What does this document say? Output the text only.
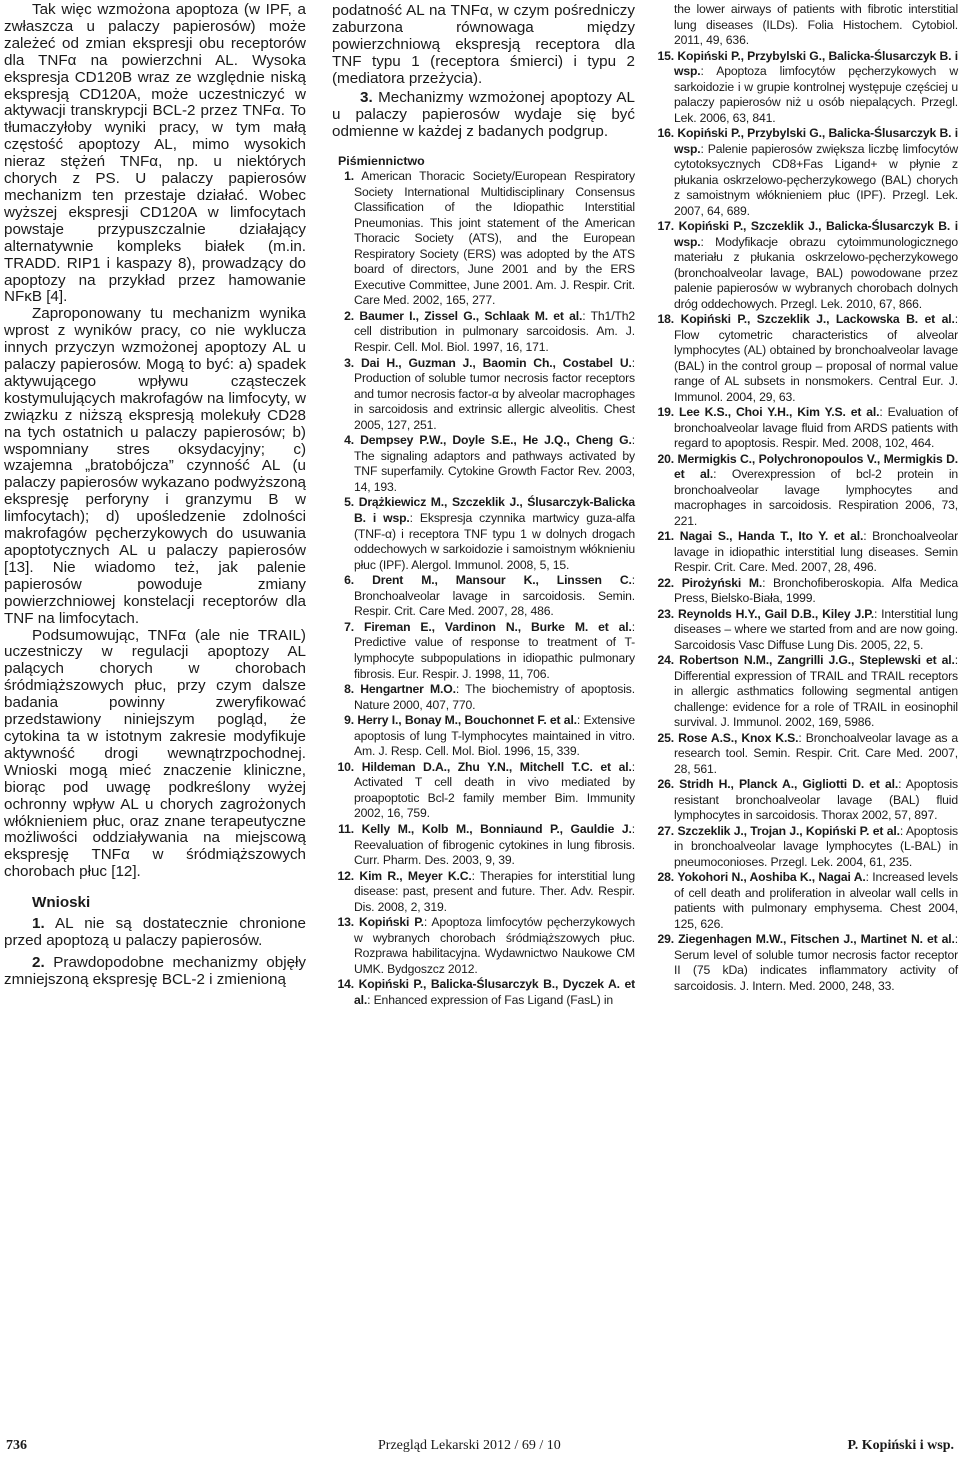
Tak więc wzmożona apoptoza (w IPF, a zwłaszcza u palaczy papierosów) może zależeć od zmian ekspresji obu receptorów dla TNFα na powierzchni AL. Wysoka ekspresja CD120B wraz ze względnie niską ekspresją CD120A, może uczestniczyć w aktywacji transkrypcji BCL-2 przez TNFα. To tłumaczyłoby wyniki pracy, w tym małą częstość apoptozy AL, mimo wysokich nieraz stężeń TNFα, np. u niektórych chorych z PS. U palaczy papierosów mechanizm ten przestaje działać. Wobec wyższej ekspresji CD120A w limfocytach powstaje przypuszczalnie działający alternatywnie kompleks białek (m.in. TRADD. RIP1 i kaspazy 8), prowadzący do apoptozy na przykład przez hamowanie NFκB [4].

Zaproponowany tu mechanizm wynika wprost z wyników pracy, co nie wyklucza innych przyczyn wzmożonej apoptozy AL u palaczy papierosów. Mogą to być: a) spadek aktywującego wpływu cząsteczek kostymulujących makrofagów na limfocyty, w związku z niższą ekspresją molekuły CD28 na tych ostatnich u palaczy papierosów; b) wspomniany stres oksydacyjny; c) wzajemna „bratobójcza” czynność AL (u palaczy papierosów wykazano podwyższoną ekspresję perforyny i granzymu B w limfocytach); d) upośledzenie zdolności makrofagów pęcherzykowych do usuwania apoptotycznych AL u palaczy papierosów [13]. Nie wiadomo też, jak palenie papierosów powoduje zmiany powierzchniowej konstelacji receptorów dla TNF na limfocytach.

Podsumowując, TNFα (ale nie TRAIL) uczestniczy w regulacji apoptozy AL palących chorych w chorobach śródmiąższowych płuc, przy czym dalsze badania powinny zweryfikować przedstawiony niniejszym pogląd, że cytokina ta w istotnym zakresie modyfikuje aktywność drogi wewnątrzpochodnej. Wnioski mogą mieć znaczenie kliniczne, biorąc pod uwagę podkreślony wyżej ochronny wpływ AL u chorych zagrożonych włóknieniem płuc, oraz znane terapeutyczne możliwości oddziaływania na miejscową ekspresję TNFα w śródmiąższowych chorobach płuc [12].

Wnioski

1. AL nie są dostatecznie chronione przed apoptozą u palaczy papierosów.

2. Prawdopodobne mechanizmy objęły zmniejszoną ekspresję BCL-2 i zmienioną

podatność AL na TNFα, w czym pośredniczy zaburzona równowaga między powierzchniową ekspresją receptora dla TNF typu 1 (receptora śmierci) i typu 2 (mediatora przeżycia).

3. Mechanizmy wzmożonej apoptozy AL u palaczy papierosów wydaje się być odmienne w każdej z badanych podgrup.

Piśmiennictwo
1. American Thoracic Society/European Respiratory Society International Multidisciplinary Consensus Classification of the Idiopathic Interstitial Pneumonias. This joint statement of the American Thoracic Society (ATS), and the European Respiratory Society (ERS) was adopted by the ATS board of directors, June 2001 and by the ERS Executive Committee, June 2001. Am. J. Respir. Crit. Care Med. 2002, 165, 277.
2. Baumer I., Zissel G., Schlaak M. et al.: Th1/Th2 cell distribution in pulmonary sarcoidosis. Am. J. Respir. Cell. Mol. Biol. 1997, 16, 171.
3. Dai H., Guzman J., Baomin Ch., Costabel U.: Production of soluble tumor necrosis factor receptors and tumor necrosis factor-α by alveolar macrophages in sarcoidosis and extrinsic allergic alveolitis. Chest 2005, 127, 251.
4. Dempsey P.W., Doyle S.E., He J.Q., Cheng G.: The signaling adaptors and pathways activated by TNF superfamily. Cytokine Growth Factor Rev. 2003, 14, 193.
5. Drążkiewicz M., Szczeklik J., Ślusarczyk-Balicka B. i wsp.: Ekspresja czynnika martwicy guza-alfa (TNF-α) i receptora TNF typu 1 w dolnych drogach oddechowych w sarkoidozie i samoistnym włóknieniu płuc (IPF). Alergol. Immunol. 2008, 5, 15.
6. Drent M., Mansour K., Linssen C.: Bronchoalveolar lavage in sarcoidosis. Semin. Respir. Crit. Care Med. 2007, 28, 486.
7. Fireman E., Vardinon N., Burke M. et al.: Predictive value of response to treatment of T-lymphocyte subpopulations in idiopathic pulmonary fibrosis. Eur. Respir. J. 1998, 11, 706.
8. Hengartner M.O.: The biochemistry of apoptosis. Nature 2000, 407, 770.
9. Herry I., Bonay M., Bouchonnet F. et al.: Extensive apoptosis of lung T-lymphocytes maintained in vitro. Am. J. Resp. Cell. Mol. Biol. 1996, 15, 339.
10. Hildeman D.A., Zhu Y.N., Mitchell T.C. et al.: Activated T cell death in vivo mediated by proapoptotic Bcl-2 family member Bim. Immunity 2002, 16, 759.
11. Kelly M., Kolb M., Bonniaund P., Gauldie J.: Reevaluation of fibrogenic cytokines in lung fibrosis. Curr. Pharm. Des. 2003, 9, 39.
12. Kim R., Meyer K.C.: Therapies for interstitial lung disease: past, present and future. Ther. Adv. Respir. Dis. 2008, 2, 319.
13. Kopiński P.: Apoptoza limfocytów pęcherzykowych w wybranych chorobach śródmiąższowych płuc. Rozprawa habilitacyjna. Wydawnictwo Naukowe CM UMK. Bydgoszcz 2012.
14. Kopiński P., Balicka-Ślusarczyk B., Dyczek A. et al.: Enhanced expression of Fas Ligand (FasL) in
the lower airways of patients with fibrotic interstitial lung diseases (ILDs). Folia Histochem. Cytobiol. 2011, 49, 636.
15. Kopiński P., Przybylski G., Balicka-Ślusarczyk B. i wsp.: Apoptoza limfocytów pęcherzykowych w sarkoidozie i w grupie kontrolnej występuje częściej u palaczy papierosów niż u osób niepalących. Przegl. Lek. 2006, 63, 841.
16. Kopiński P., Przybylski G., Balicka-Ślusarczyk B. i wsp.: Palenie papierosów zwiększa liczbę limfocytów cytotoksycznych CD8+Fas Ligand+ w płynie z płukania oskrzelowo-pęcherzykowego (BAL) chorych z samoistnym włóknieniem płuc (IPF). Przegl. Lek. 2007, 64, 689.
17. Kopiński P., Szczeklik J., Balicka-Ślusarczyk B. i wsp.: Modyfikacje obrazu cytoimmunologicznego materiału z płukania oskrzelowo-pęcherzykowego (bronchoalveolar lavage, BAL) powodowane przez palenie papierosów w wybranych chorobach dolnych dróg oddechowych. Przegl. Lek. 2010, 67, 866.
18. Kopiński P., Szczeklik J., Lackowska B. et al.: Flow cytometric characteristics of alveolar lymphocytes (AL) obtained by bronchoalveolar lavage (BAL) in the control group – proposal of normal value range of AL subsets in nonsmokers. Central Eur. J. Immunol. 2004, 29, 63.
19. Lee K.S., Choi Y.H., Kim Y.S. et al.: Evaluation of bronchoalveolar lavage fluid from ARDS patients with regard to apoptosis. Respir. Med. 2008, 102, 464.
20. Mermigkis C., Polychronopoulos V., Mermigkis D. et al.: Overexpression of bcl-2 protein in bronchoalveolar lavage lymphocytes and macrophages in sarcoidosis. Respiration 2006, 73, 221.
21. Nagai S., Handa T., Ito Y. et al.: Bronchoalveolar lavage in idiopathic interstitial lung diseases. Semin Respir. Crit. Care. Med. 2007, 28, 496.
22. Pirożyński M.: Bronchofiberoskopia. Alfa Medica Press, Bielsko-Biała, 1999.
23. Reynolds H.Y., Gail D.B., Kiley J.P.: Interstitial lung diseases – where we started from and are now going. Sarcoidosis Vasc Diffuse Lung Dis. 2005, 22, 5.
24. Robertson N.M., Zangrilli J.G., Steplewski et al.: Differential expression of TRAIL and TRAIL receptors in allergic asthmatics following segmental antigen challenge: evidence for a role of TRAIL in eosinophil survival. J. Immunol. 2002, 169, 5986.
25. Rose A.S., Knox K.S.: Bronchoalveolar lavage as a research tool. Semin. Respir. Crit. Care Med. 2007, 28, 561.
26. Stridh H., Planck A., Gigliotti D. et al.: Apoptosis resistant bronchoalveolar lavage (BAL) fluid lymphocytes in sarcoidosis. Thorax 2002, 57, 897.
27. Szczeklik J., Trojan J., Kopiński P. et al.: Apoptosis in bronchoalveolar lavage lymphocytes (L-BAL) in pneumoconioses. Przegl. Lek. 2004, 61, 235.
28. Yokohori N., Aoshiba K., Nagai A.: Increased levels of cell death and proliferation in alveolar wall cells in patients with pulmonary emphysema. Chest 2004, 125, 626.
29. Ziegenhagen M.W., Fitschen J., Martinet N. et al.: Serum level of soluble tumor necrosis factor receptor II (75 kDa) indicates inflammatory activity of sarcoidosis. J. Intern. Med. 2000, 248, 33.
736	Przegląd Lekarski 2012 / 69 / 10	P. Kopiński i wsp.
